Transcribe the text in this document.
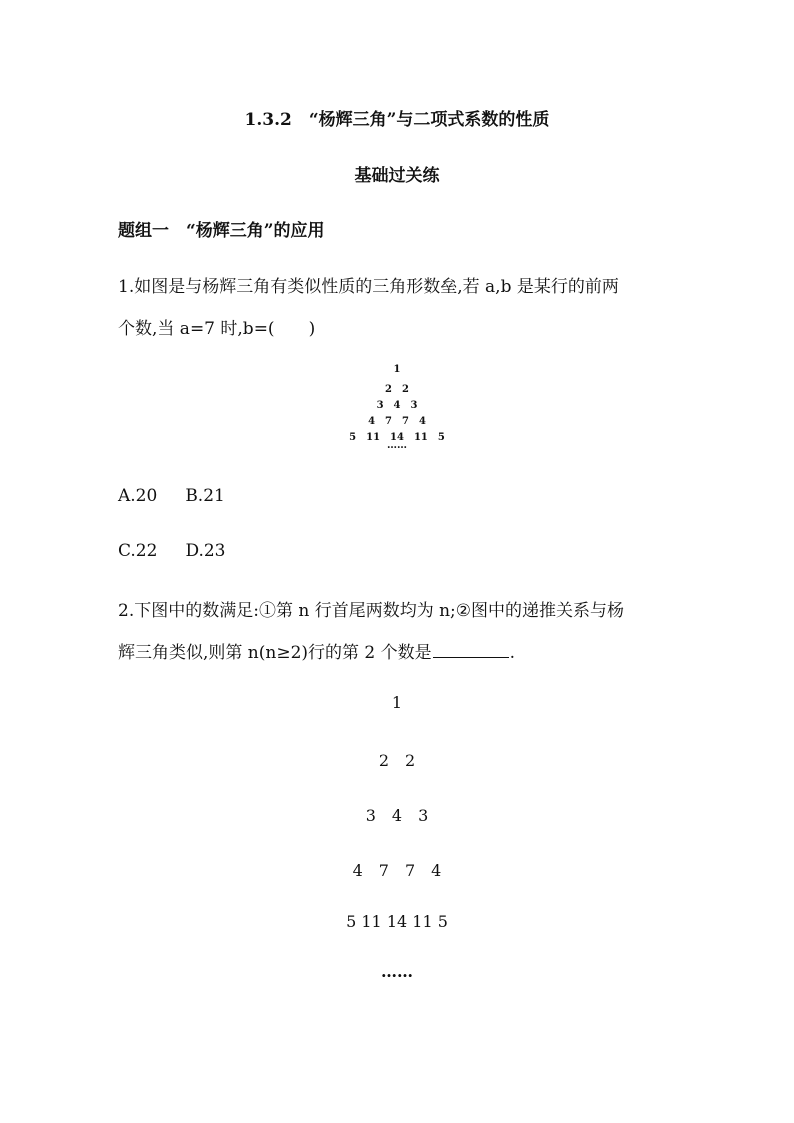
1.3.2　“杨辉三角”与二项式系数的性质
基础过关练
题组一　“杨辉三角”的应用
1.如图是与杨辉三角有类似性质的三角形数垒,若 a,b 是某行的前两
个数,当 a=7 时,b=(　　)
1
2　2
3　4　3
4　7　7　4
5　11　14　11　5
……
A.20 B.21
C.22 D.23
2.下图中的数满足:①第 n 行首尾两数均为 n;②图中的递推关系与杨
辉三角类似,则第 n(n≥2)行的第 2 个数是	.
1
2　2
3　4　3
4　7　7　4
5 11 14 11 5
……
